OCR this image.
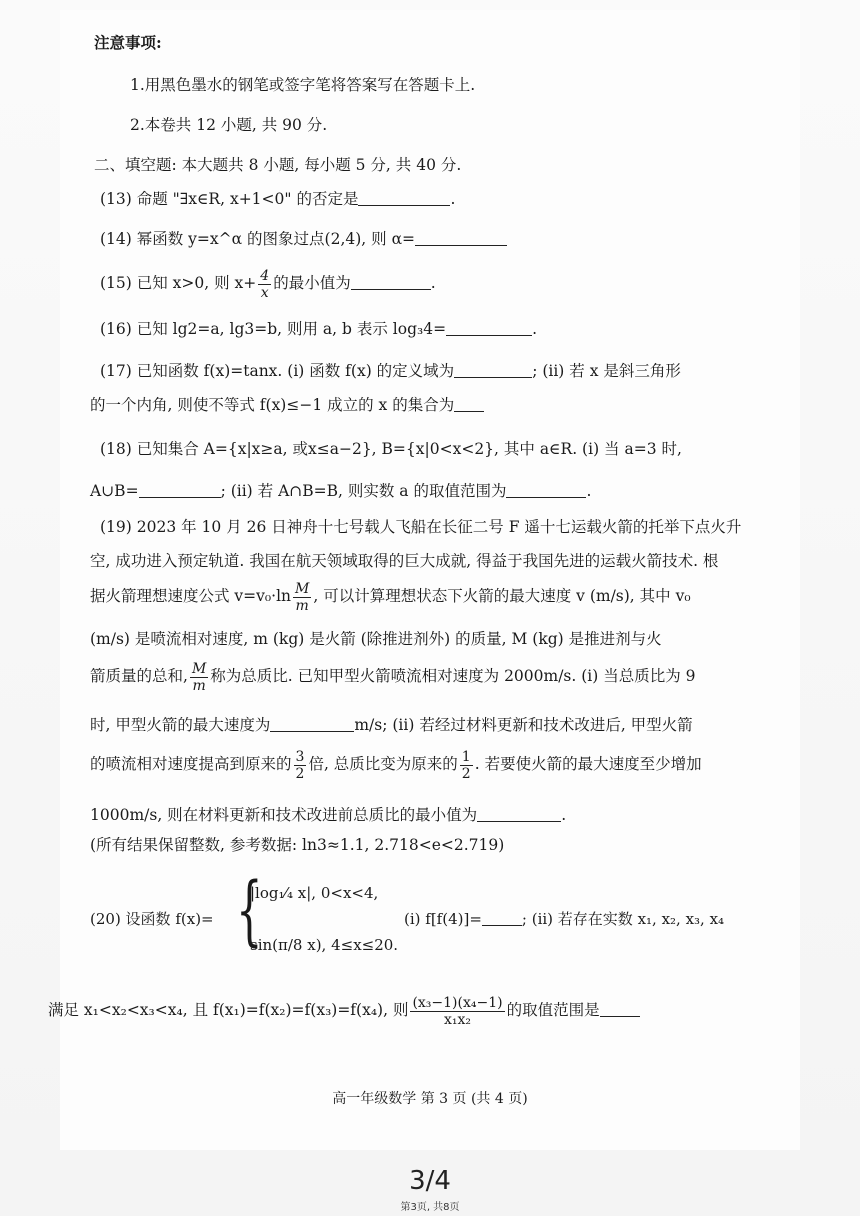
注意事项:
1.用黑色墨水的钢笔或签字笔将答案写在答题卡上.
2.本卷共 12 小题, 共 90 分.
二、填空题: 本大题共 8 小题, 每小题 5 分, 共 40 分.
(13) 命题 "∃x∈R, x+1<0" 的否定是	.
(14) 幂函数 y=x^α 的图象过点(2,4), 则 α=
(15) 已知 x>0, 则 $x+ \frac{4}{x}$ 的最小值为	.
(16) 已知 lg2=a, lg3=b, 则用 a, b 表示 log₃4=	.
(17) 已知函数 f(x)=tanx. (i) 函数 f(x) 的定义域为	; (ii) 若 x 是斜三角形
的一个内角, 则使不等式 f(x)≤−1 成立的 x 的集合为
(18) 已知集合 A={x|x≥a, 或x≤a−2}, B={x|0<x<2}, 其中 a∈R. (i) 当 a=3 时,
A∪B=	; (ii) 若 A∩B=B, 则实数 a 的取值范围为	.
(19) 2023 年 10 月 26 日神舟十七号载人飞船在长征二号 F 遥十七运载火箭的托举下点火升
空, 成功进入预定轨道. 我国在航天领域取得的巨大成就, 得益于我国先进的运载火箭技术. 根
据火箭理想速度公式 $v=v_0\cdot\ln \frac{M}{m}$ , 可以计算理想状态下火箭的最大速度 v (m/s), 其中 v₀
(m/s) 是喷流相对速度, m (kg) 是火箭 (除推进剂外) 的质量, M (kg) 是推进剂与火
箭质量的总和, $\frac{M}{m}$ 称为总质比. 已知甲型火箭喷流相对速度为 2000m/s. (i) 当总质比为 9
时, 甲型火箭的最大速度为	m/s; (ii) 若经过材料更新和技术改进后, 甲型火箭
的喷流相对速度提高到原来的 $\frac{3}{2}$ 倍, 总质比变为原来的 $\frac{1}{2}$ . 若要使火箭的最大速度至少增加
1000m/s, 则在材料更新和技术改进前总质比的最小值为	.
(所有结果保留整数, 参考数据: ln3≈1.1, 2.718<e<2.719)
(20) 设函数 f(x)= {
|log₁⁄₄ x|, 0<x<4,
sin(π/8 x), 4≤x≤20.
(i) f[f(4)]=	; (ii) 若存在实数 x₁, x₂, x₃, x₄
满足 x₁<x₂<x₃<x₄, 且 f(x₁)=f(x₂)=f(x₃)=f(x₄), 则 $\frac{\text{(x₃−1)(x₄−1)}}{\text{x₁x₂}}$ 的取值范围是
高一年级数学 第 3 页 (共 4 页)
3/4
第3页, 共8页
